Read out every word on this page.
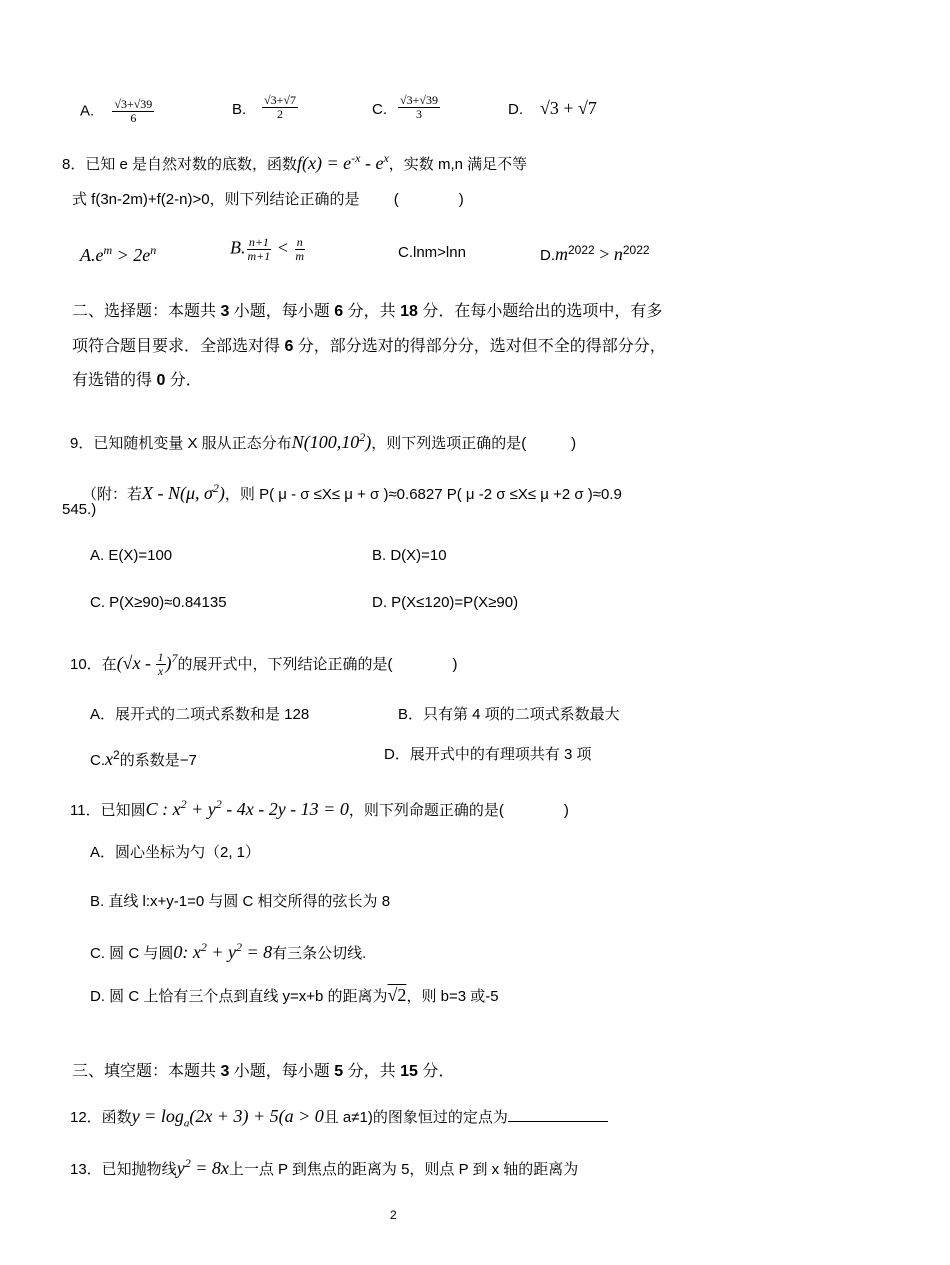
A. $\frac{√3+√39}{6}$	B. $\frac{√3+√7}{2}$	C. $\frac{√3+√39}{3}$	D. √3 + √7
8．已知 e 是自然对数的底数，函数$f(x) = e^{-x} - e^x$，实数 m,n 满足不等
式 f(3n-2m)+f(2-n)>0，则下列结论正确的是 (　　　　)
$A.e^m > 2e^n$	B. $\frac{n+1}{m+1} < \frac{n}{m}$	C.lnm>lnn	$D.m^{2022} > n^{2022}$
二、选择题：本题共 3 小题，每小题 6 分，共 18 分．在每小题给出的选项中，有多
项符合题目要求．全部选对得 6 分，部分选对的得部分分，选对但不全的得部分分，
有选错的得 0 分．
9．已知随机变量 X 服从正态分布N(100,10$^2$)，则下列选项正确的是(　　　)
（附：若X - N(μ, $\sigma^2$)，则 P( μ - σ ≤X≤ μ + σ )≈0.6827 P( μ -2 σ ≤X≤ μ +2 σ )≈0.9
545.)
A. E(X)=100	B. D(X)=10
C. P(X≥90)≈0.84135	D. P(X≤120)=P(X≥90)
10．在$(√x - \frac{1}{x} )^7$的展开式中，下列结论正确的是(　　　　)
A．展开式的二项式系数和是 128	B．只有第 4 项的二项式系数最大
$C.x^2$的系数是−7	D．展开式中的有理项共有 3 项
11．已知圆C : $x^2 + y^2 - 4x - 2y - 13 = 0$，则下列命题正确的是(　　　　)
A．圆心坐标为勺（2, 1）
B. 直线 l:x+y-1=0 与圆 C 相交所得的弦长为 8
C. 圆 C 与圆0: $x^2 + y^2 = 8$有三条公切线.
D. 圆 C 上恰有三个点到直线 y=x+b 的距离为√2，则 b=3 或-5
三、填空题：本题共 3 小题，每小题 5 分，共 15 分．
12．函数$y = \log_a(2x + 3) + 5(a > 0$且 a≠1)的图象恒过的定点为
13．已知抛物线$y^2 = 8x$上一点 P 到焦点的距离为 5，则点 P 到 x 轴的距离为
2
